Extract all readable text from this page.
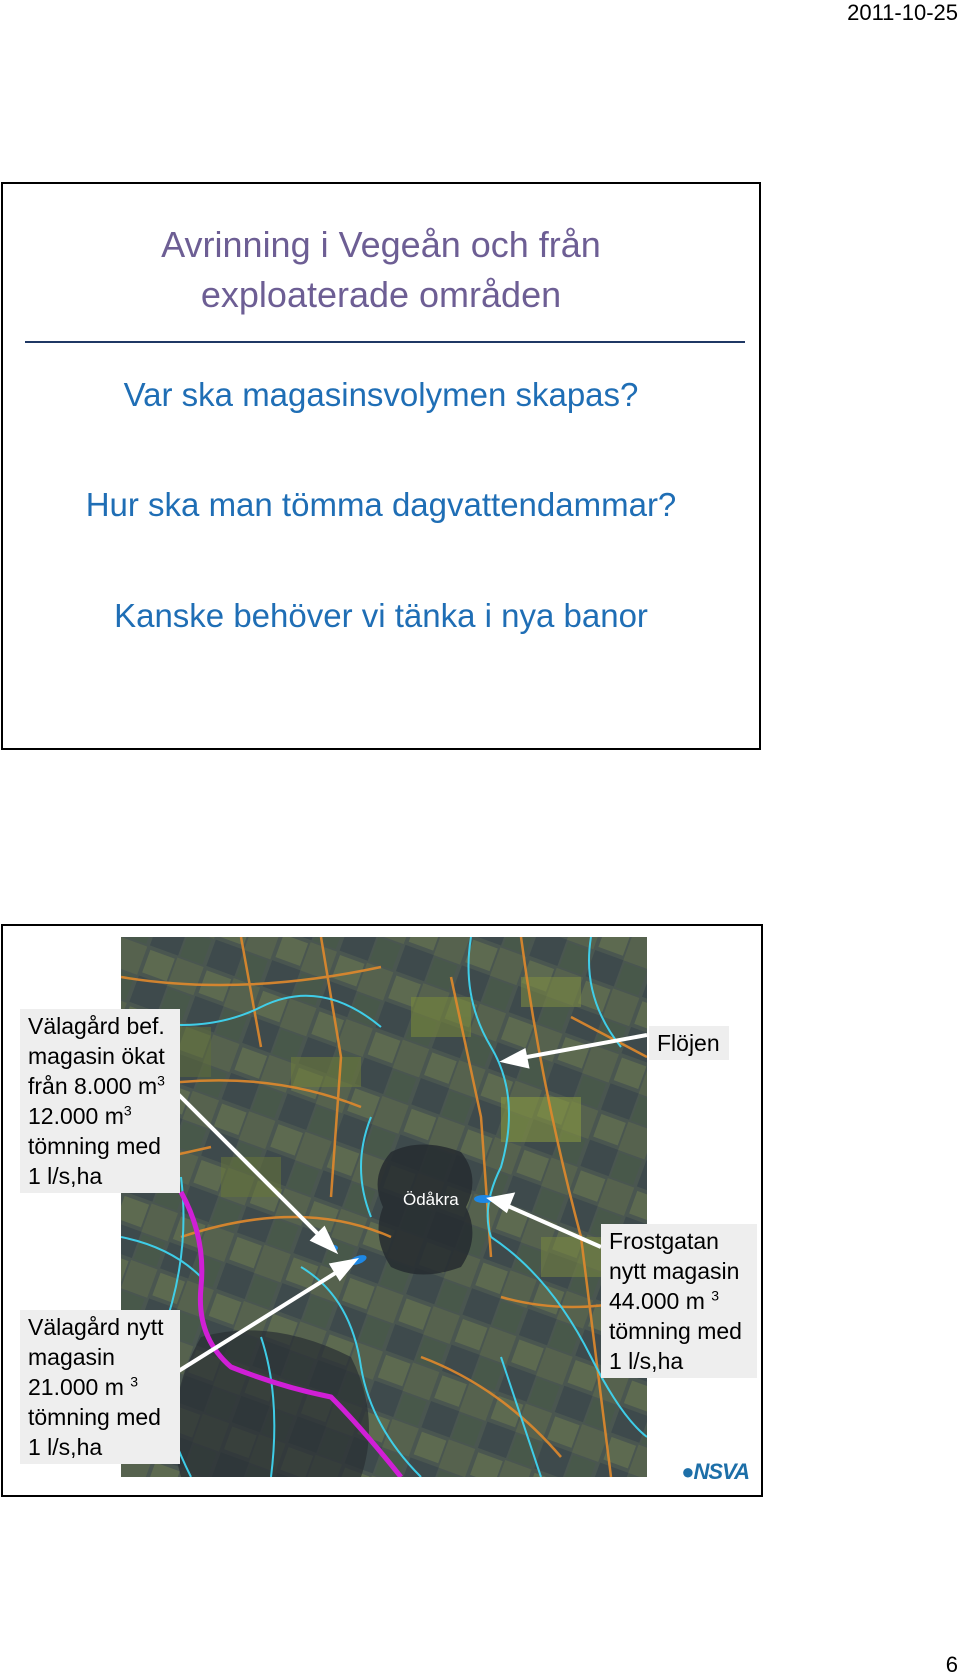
2011-10-25
Avrinning i Vegeån och från
exploaterade områden
Var ska magasinsvolymen skapas?
Hur ska man tömma dagvattendammar?
Kanske behöver vi tänka i nya banor
Ödåkra
Välagård bef.
magasin ökat
från 8.000 $m^3$
12.000 $m^3$
tömning med
1 l/s,ha
Välagård nytt
magasin
21.000 m $^3$
tömning med
1 l/s,ha
Flöjen
Frostgatan
nytt magasin
44.000 m $^3$
tömning med
1 l/s,ha
●NSVA
6
